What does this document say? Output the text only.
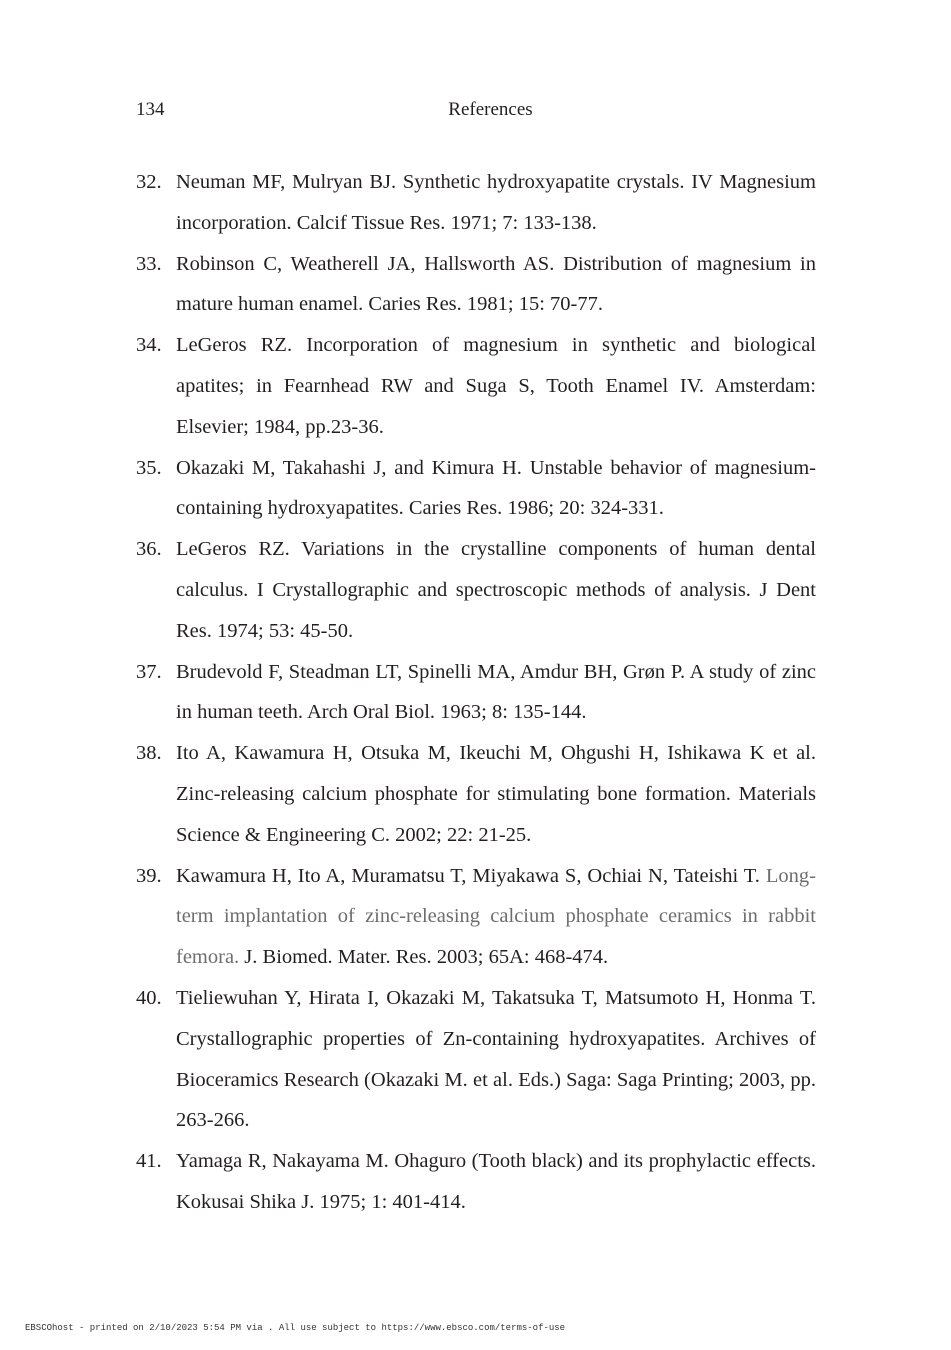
134	References
32. Neuman MF, Mulryan BJ. Synthetic hydroxyapatite crystals. IV Magnesium incorporation. Calcif Tissue Res. 1971; 7: 133-138.
33. Robinson C, Weatherell JA, Hallsworth AS. Distribution of magnesium in mature human enamel. Caries Res. 1981; 15: 70-77.
34. LeGeros RZ. Incorporation of magnesium in synthetic and biological apatites; in Fearnhead RW and Suga S, Tooth Enamel IV. Amsterdam: Elsevier; 1984, pp.23-36.
35. Okazaki M, Takahashi J, and Kimura H. Unstable behavior of magnesium-containing hydroxyapatites. Caries Res. 1986; 20: 324-331.
36. LeGeros RZ. Variations in the crystalline components of human dental calculus. I Crystallographic and spectroscopic methods of analysis. J Dent Res. 1974; 53: 45-50.
37. Brudevold F, Steadman LT, Spinelli MA, Amdur BH, Grøn P. A study of zinc in human teeth. Arch Oral Biol. 1963; 8: 135-144.
38. Ito A, Kawamura H, Otsuka M, Ikeuchi M, Ohgushi H, Ishikawa K et al. Zinc-releasing calcium phosphate for stimulating bone formation. Materials Science & Engineering C. 2002; 22: 21-25.
39. Kawamura H, Ito A, Muramatsu T, Miyakawa S, Ochiai N, Tateishi T. Long-term implantation of zinc-releasing calcium phosphate ceramics in rabbit femora. J. Biomed. Mater. Res. 2003; 65A: 468-474.
40. Tieliewuhan Y, Hirata I, Okazaki M, Takatsuka T, Matsumoto H, Honma T. Crystallographic properties of Zn-containing hydroxyapatites. Archives of Bioceramics Research (Okazaki M. et al. Eds.) Saga: Saga Printing; 2003, pp. 263-266.
41. Yamaga R, Nakayama M. Ohaguro (Tooth black) and its prophylactic effects. Kokusai Shika J. 1975; 1: 401-414.
EBSCOhost - printed on 2/10/2023 5:54 PM via . All use subject to https://www.ebsco.com/terms-of-use
